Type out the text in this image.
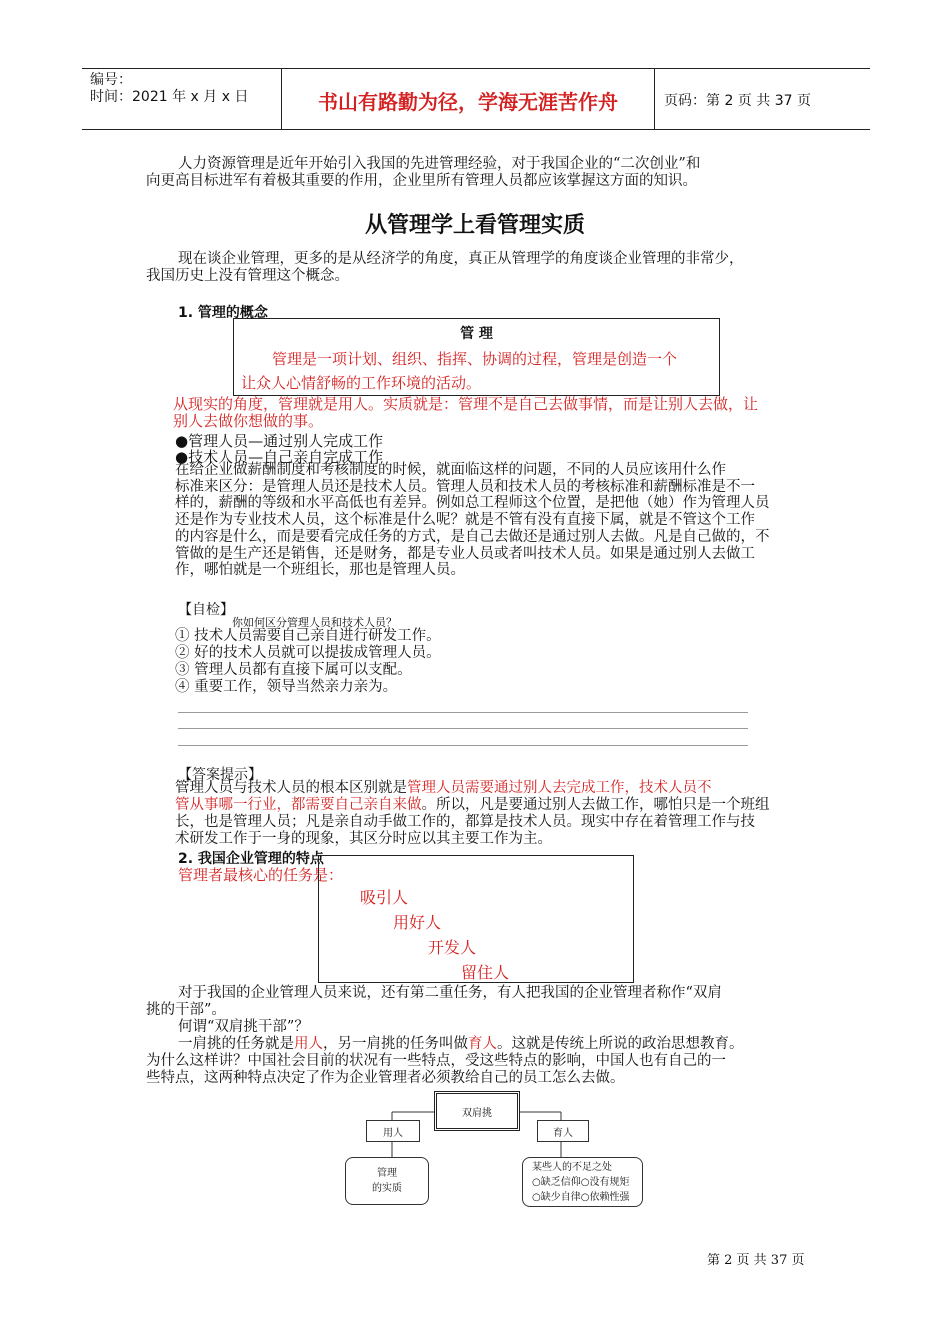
编号：
时间：2021 年 x 月 x 日	书山有路勤为径，学海无涯苦作舟	页码：第 2 页 共 37 页
人力资源管理是近年开始引入我国的先进管理经验，对于我国企业的“二次创业”和
向更高目标进军有着极其重要的作用，企业里所有管理人员都应该掌握这方面的知识。
从管理学上看管理实质
现在谈企业管理，更多的是从经济学的角度，真正从管理学的角度谈企业管理的非常少，
我国历史上没有管理这个概念。
1. 管理的概念
管 理
管理是一项计划、组织、指挥、协调的过程，管理是创造一个
让众人心情舒畅的工作环境的活动。
从现实的角度，管理就是用人。实质就是：管理不是自己去做事情，而是让别人去做，让
别人去做你想做的事。
●管理人员—通过别人完成工作
●技术人员—自己亲自完成工作
在给企业做薪酬制度和考核制度的时候，就面临这样的问题，不同的人员应该用什么作
标准来区分：是管理人员还是技术人员。管理人员和技术人员的考核标准和薪酬标准是不一
样的，薪酬的等级和水平高低也有差异。例如总工程师这个位置，是把他（她）作为管理人员
还是作为专业技术人员，这个标准是什么呢？就是不管有没有直接下属，就是不管这个工作
的内容是什么，而是要看完成任务的方式，是自己去做还是通过别人去做。凡是自己做的，不
管做的是生产还是销售，还是财务，都是专业人员或者叫技术人员。如果是通过别人去做工
作，哪怕就是一个班组长，那也是管理人员。
【自检】
你如何区分管理人员和技术人员？
① 技术人员需要自己亲自进行研发工作。
② 好的技术人员就可以提拔成管理人员。
③ 管理人员都有直接下属可以支配。
④ 重要工作，领导当然亲力亲为。
【答案提示】
管理人员与技术人员的根本区别就是管理人员需要通过别人去完成工作，技术人员不
管从事哪一行业，都需要自己亲自来做。所以，凡是要通过别人去做工作，哪怕只是一个班组
长，也是管理人员；凡是亲自动手做工作的，都算是技术人员。现实中存在着管理工作与技
术研发工作于一身的现象，其区分时应以其主要工作为主。
2. 我国企业管理的特点
管理者最核心的任务是：
吸引人
用好人
开发人
留住人
对于我国的企业管理人员来说，还有第二重任务，有人把我国的企业管理者称作“双肩
挑的干部”。
何谓“双肩挑干部”？
一肩挑的任务就是用人，另一肩挑的任务叫做育人。这就是传统上所说的政治思想教育。
为什么这样讲？中国社会目前的状况有一些特点，受这些特点的影响，中国人也有自己的一
些特点，这两种特点决定了作为企业管理者必须教给自己的员工怎么去做。
双肩挑
用人	育人
管理
的实质
某些人的不足之处
○缺乏信仰○没有规矩
○缺少自律○依赖性强
第 2 页 共 37 页
